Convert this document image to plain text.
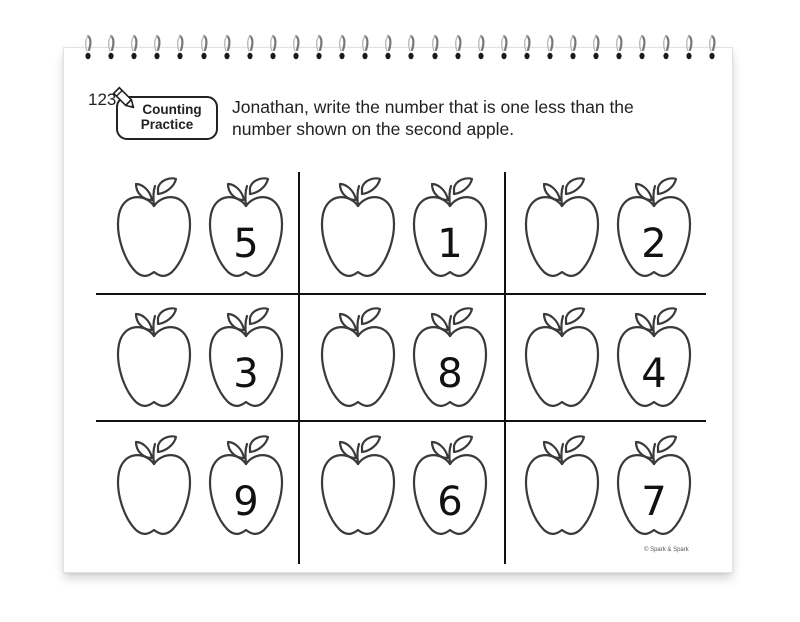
123
Counting
Practice
Jonathan, write the number that is one less than the
number shown on the second apple.
5	1	2
3	8	4
9	6	7
© Spark & Spark
